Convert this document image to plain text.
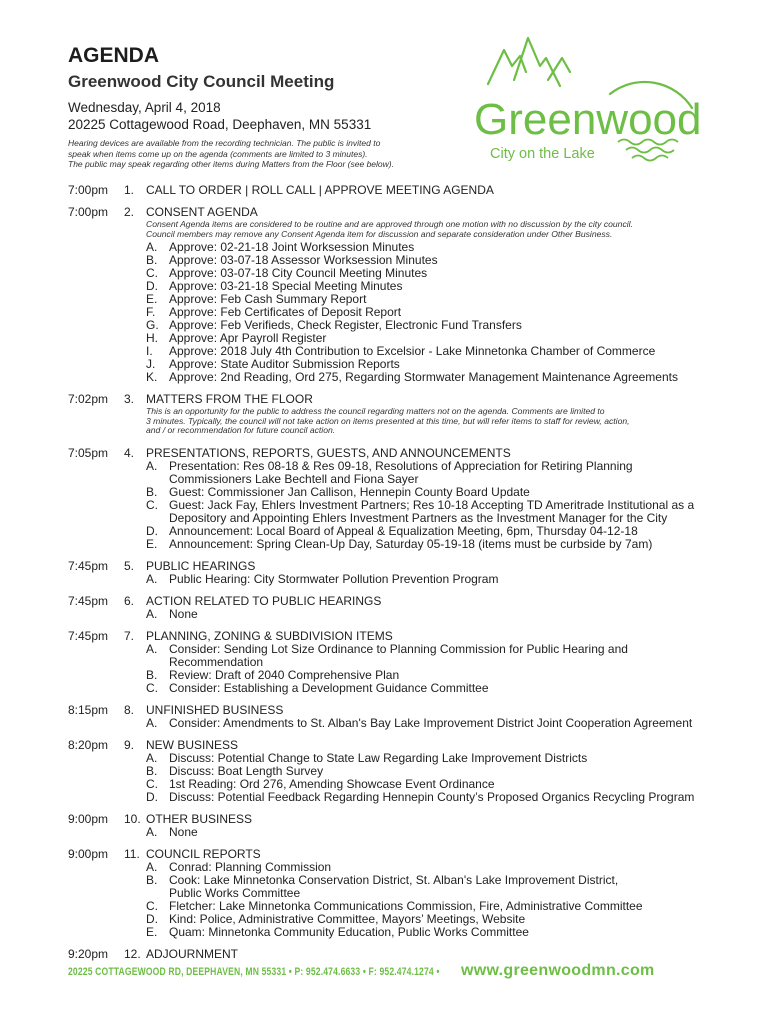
AGENDA
Greenwood City Council Meeting
Wednesday, April 4, 2018
20225 Cottagewood Road, Deephaven, MN 55331
Hearing devices are available from the recording technician. The public is invited to
speak when items come up on the agenda (comments are limited to 3 minutes).
The public may speak regarding other items during Matters from the Floor (see below).
Greenwood
City on the Lake
7:00pm	1. CALL TO ORDER | ROLL CALL | APPROVE MEETING AGENDA
7:00pm	2. CONSENT AGENDA
Consent Agenda items are considered to be routine and are approved through one motion with no discussion by the city council.
Council members may remove any Consent Agenda item for discussion and separate consideration under Other Business.
A. Approve: 02-21-18 Joint Worksession Minutes
B. Approve: 03-07-18 Assessor Worksession Minutes
C. Approve: 03-07-18 City Council Meeting Minutes
D. Approve: 03-21-18 Special Meeting Minutes
E. Approve: Feb Cash Summary Report
F.	Approve: Feb Certificates of Deposit Report
G. Approve: Feb Verifieds, Check Register, Electronic Fund Transfers
H. Approve: Apr Payroll Register
I.	Approve: 2018 July 4th Contribution to Excelsior - Lake Minnetonka Chamber of Commerce
J.	Approve: State Auditor Submission Reports
K. Approve: 2nd Reading, Ord 275, Regarding Stormwater Management Maintenance Agreements
7:02pm	3. MATTERS FROM THE FLOOR
This is an opportunity for the public to address the council regarding matters not on the agenda. Comments are limited to
3 minutes. Typically, the council will not take action on items presented at this time, but will refer items to staff for review, action,
and / or recommendation for future council action.
7:05pm	4. PRESENTATIONS, REPORTS, GUESTS, AND ANNOUNCEMENTS
A. Presentation: Res 08-18 & Res 09-18, Resolutions of Appreciation for Retiring Planning
Commissioners Lake Bechtell and Fiona Sayer
B. Guest: Commissioner Jan Callison, Hennepin County Board Update
C. Guest: Jack Fay, Ehlers Investment Partners; Res 10-18 Accepting TD Ameritrade Institutional as a
Depository and Appointing Ehlers Investment Partners as the Investment Manager for the City
D. Announcement: Local Board of Appeal & Equalization Meeting, 6pm, Thursday 04-12-18
E. Announcement: Spring Clean-Up Day, Saturday 05-19-18 (items must be curbside by 7am)
7:45pm	5. PUBLIC HEARINGS
A. Public Hearing: City Stormwater Pollution Prevention Program
7:45pm	6. ACTION RELATED TO PUBLIC HEARINGS
A. None
7:45pm	7. PLANNING, ZONING & SUBDIVISION ITEMS
A. Consider: Sending Lot Size Ordinance to Planning Commission for Public Hearing and
Recommendation
B. Review: Draft of 2040 Comprehensive Plan
C. Consider: Establishing a Development Guidance Committee
8:15pm	8. UNFINISHED BUSINESS
A. Consider: Amendments to St. Alban's Bay Lake Improvement District Joint Cooperation Agreement
8:20pm	9. NEW BUSINESS
A. Discuss: Potential Change to State Law Regarding Lake Improvement Districts
B. Discuss: Boat Length Survey
C. 1st Reading: Ord 276, Amending Showcase Event Ordinance
D. Discuss: Potential Feedback Regarding Hennepin County’s Proposed Organics Recycling Program
9:00pm	10. OTHER BUSINESS
A. None
9:00pm	11. COUNCIL REPORTS
A. Conrad: Planning Commission
B. Cook: Lake Minnetonka Conservation District, St. Alban's Lake Improvement District,
Public Works Committee
C. Fletcher: Lake Minnetonka Communications Commission, Fire, Administrative Committee
D. Kind: Police, Administrative Committee, Mayors’ Meetings, Website
E. Quam: Minnetonka Community Education, Public Works Committee
9:20pm	12. ADJOURNMENT
20225 COTTAGEWOOD RD, DEEPHAVEN, MN 55331 • P: 952.474.6633 • F: 952.474.1274 • www.greenwoodmn.com
